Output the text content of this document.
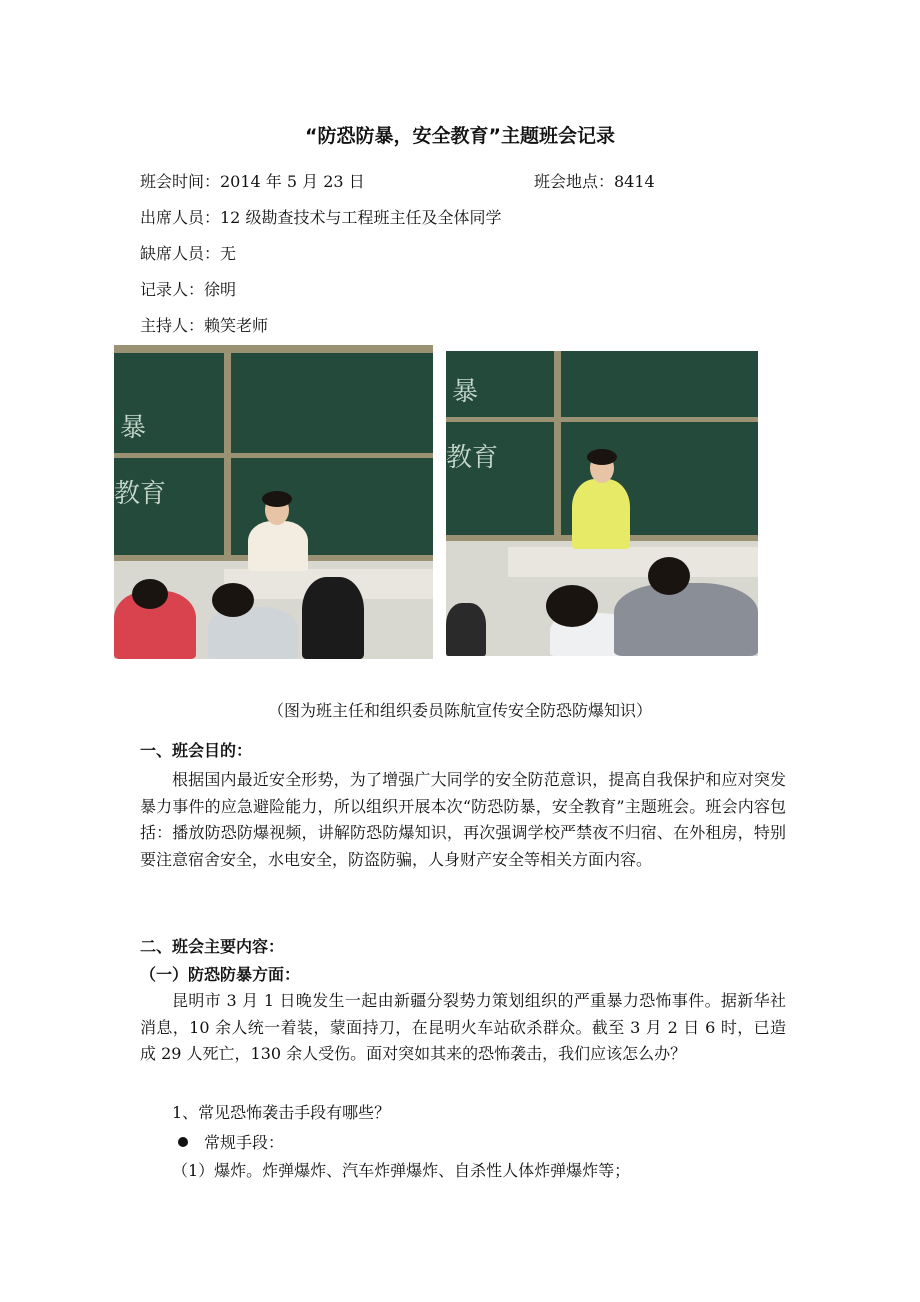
“防恐防暴，安全教育”主题班会记录
班会时间：2014 年 5 月 23 日	班会地点：8414
出席人员：12 级勘查技术与工程班主任及全体同学
缺席人员：无
记录人：徐明
主持人：赖笑老师
暴
教育
暴
教育
（图为班主任和组织委员陈航宣传安全防恐防爆知识）
一、班会目的：
根据国内最近安全形势，为了增强广大同学的安全防范意识，提高自我保护和应对突发暴力事件的应急避险能力，所以组织开展本次“防恐防暴，安全教育”主题班会。班会内容包括：播放防恐防爆视频，讲解防恐防爆知识，再次强调学校严禁夜不归宿、在外租房，特别要注意宿舍安全，水电安全，防盗防骗，人身财产安全等相关方面内容。
二、班会主要内容：
（一）防恐防暴方面：
昆明市 3 月 1 日晚发生一起由新疆分裂势力策划组织的严重暴力恐怖事件。据新华社消息，10 余人统一着装，蒙面持刀，在昆明火车站砍杀群众。截至 3 月 2 日 6 时，已造成 29 人死亡，130 余人受伤。面对突如其来的恐怖袭击，我们应该怎么办？
1、常见恐怖袭击手段有哪些？
常规手段：
（1）爆炸。炸弹爆炸、汽车炸弹爆炸、自杀性人体炸弹爆炸等；
